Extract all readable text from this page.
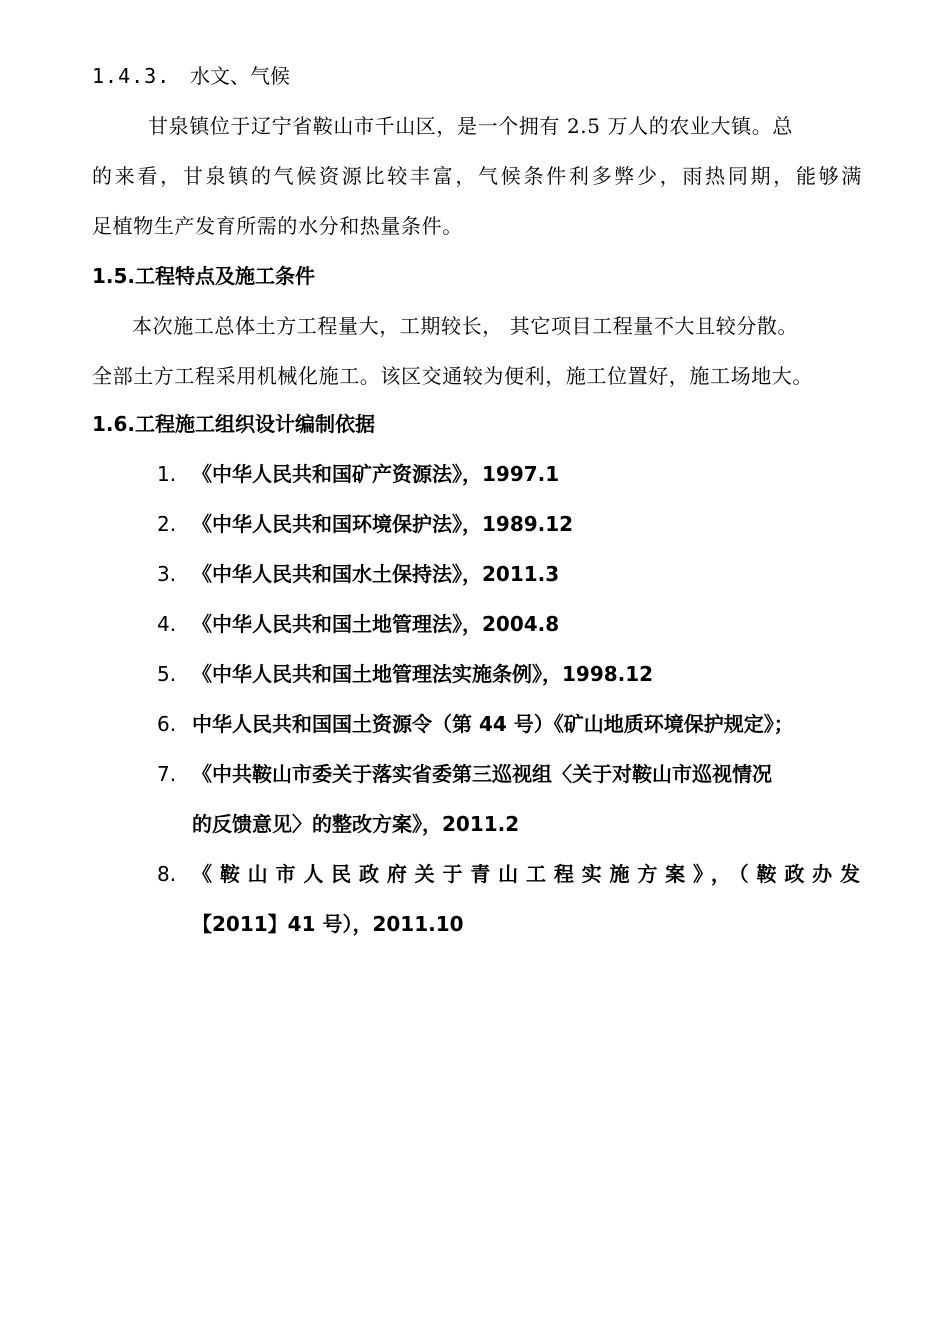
1.4.3. 水文、气候
甘泉镇位于辽宁省鞍山市千山区，是一个拥有 2.5 万人的农业大镇。总
的来看，甘泉镇的气候资源比较丰富，气候条件利多弊少，雨热同期，能够满
足植物生产发育所需的水分和热量条件。
1.5.工程特点及施工条件
本次施工总体土方工程量大，工期较长， 其它项目工程量不大且较分散。
全部土方工程采用机械化施工。该区交通较为便利，施工位置好，施工场地大。
1.6.工程施工组织设计编制依据
1. 《中华人民共和国矿产资源法》，1997.1
2. 《中华人民共和国环境保护法》，1989.12
3. 《中华人民共和国水土保持法》，2011.3
4. 《中华人民共和国土地管理法》，2004.8
5. 《中华人民共和国土地管理法实施条例》，1998.12
6. 中华人民共和国国土资源令（第 44 号）《矿山地质环境保护规定》；
7. 《中共鞍山市委关于落实省委第三巡视组〈关于对鞍山市巡视情况
的反馈意见〉的整改方案》，2011.2
8. 《鞍山市人民政府关于青山工程实施方案》，（鞍政办发
【2011】41 号），2011.10
